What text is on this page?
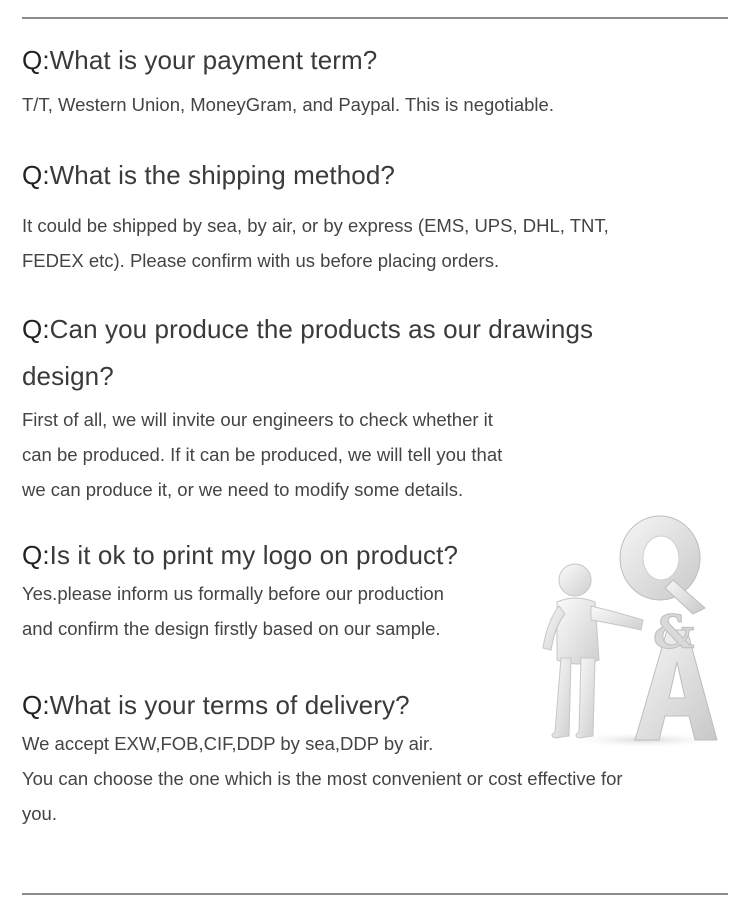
Q:What is your payment term?

T/T, Western Union, MoneyGram, and Paypal. This is negotiable.

Q:What is the shipping method?

It could be shipped by sea, by air, or by express (EMS, UPS, DHL, TNT,
FEDEX etc). Please confirm with us before placing orders.

Q:Can you produce the products as our drawings design?

First of all, we will invite our engineers to check whether it
can be produced. If it can be produced, we will tell you that
we can produce it, or we need to modify some details.

Q:Is it ok to print my logo on product?

Yes.please inform us formally before our production
and confirm the design firstly based on our sample.

Q:What is your terms of delivery?

We accept EXW,FOB,CIF,DDP by sea,DDP by air.
You can choose the one which is the most convenient or cost effective for
you.

&
